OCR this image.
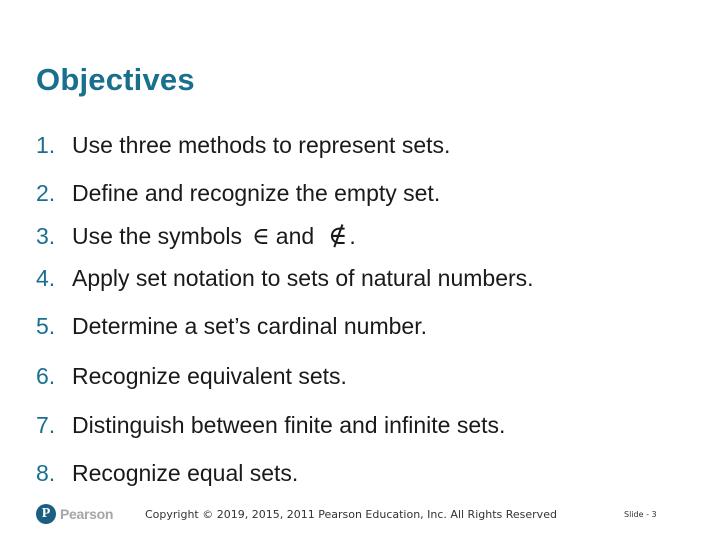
Objectives
1. Use three methods to represent sets.
2. Define and recognize the empty set.
3. Use the symbols ∈ and ∉.
4. Apply set notation to sets of natural numbers.
5. Determine a set’s cardinal number.
6. Recognize equivalent sets.
7. Distinguish between finite and infinite sets.
8. Recognize equal sets.
P Pearson	Copyright © 2019, 2015, 2011 Pearson Education, Inc. All Rights Reserved	Slide - 3
